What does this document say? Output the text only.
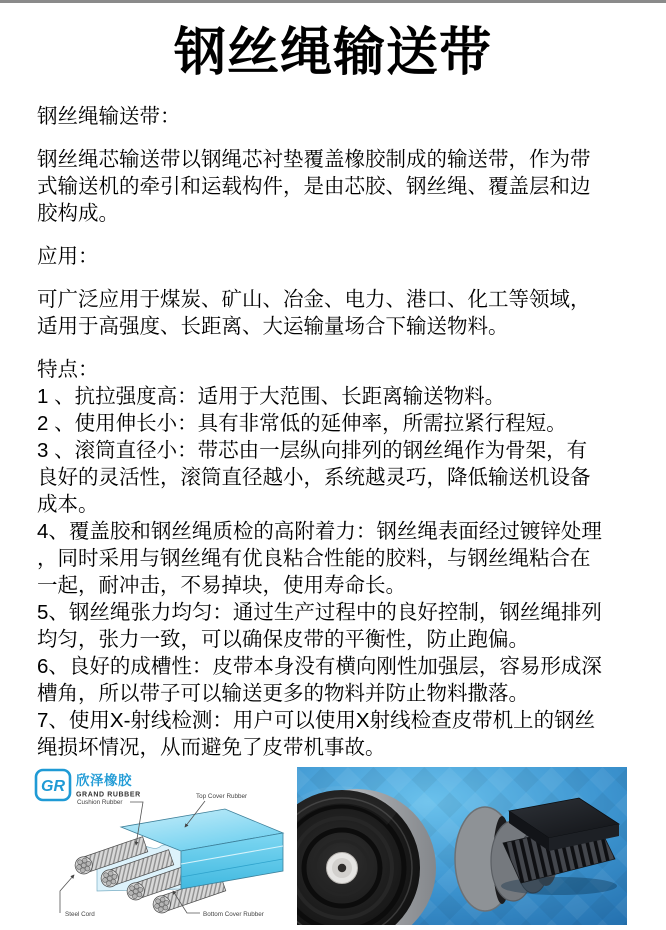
钢丝绳输送带

钢丝绳输送带：

钢丝绳芯输送带以钢绳芯衬垫覆盖橡胶制成的输送带，作为带式输送机的牵引和运载构件，是由芯胶、钢丝绳、覆盖层和边胶构成。

应用：

可广泛应用于煤炭、矿山、冶金、电力、港口、化工等领域，适用于高强度、长距离、大运输量场合下输送物料。

特点：

1 、抗拉强度高：适用于大范围、长距离输送物料。

2 、使用伸长小：具有非常低的延伸率，所需拉紧行程短。

3 、滚筒直径小：带芯由一层纵向排列的钢丝绳作为骨架，有良好的灵活性，滚筒直径越小，系统越灵巧，降低输送机设备成本。

4、覆盖胶和钢丝绳质检的高附着力：钢丝绳表面经过镀锌处理，同时采用与钢丝绳有优良粘合性能的胶料，与钢丝绳粘合在一起，耐冲击，不易掉块，使用寿命长。

5、钢丝绳张力均匀：通过生产过程中的良好控制，钢丝绳排列均匀，张力一致，可以确保皮带的平衡性，防止跑偏。

6、良好的成槽性：皮带本身没有横向刚性加强层，容易形成深槽角，所以带子可以输送更多的物料并防止物料撒落。

7、使用X-射线检测：用户可以使用X射线检查皮带机上的钢丝绳损坏情况，从而避免了皮带机事故。

GR 欣泽橡胶
GRAND RUBBER
Cushion Rubber
Top Cover Rubber
Steel Cord	Bottom Cover Rubber
